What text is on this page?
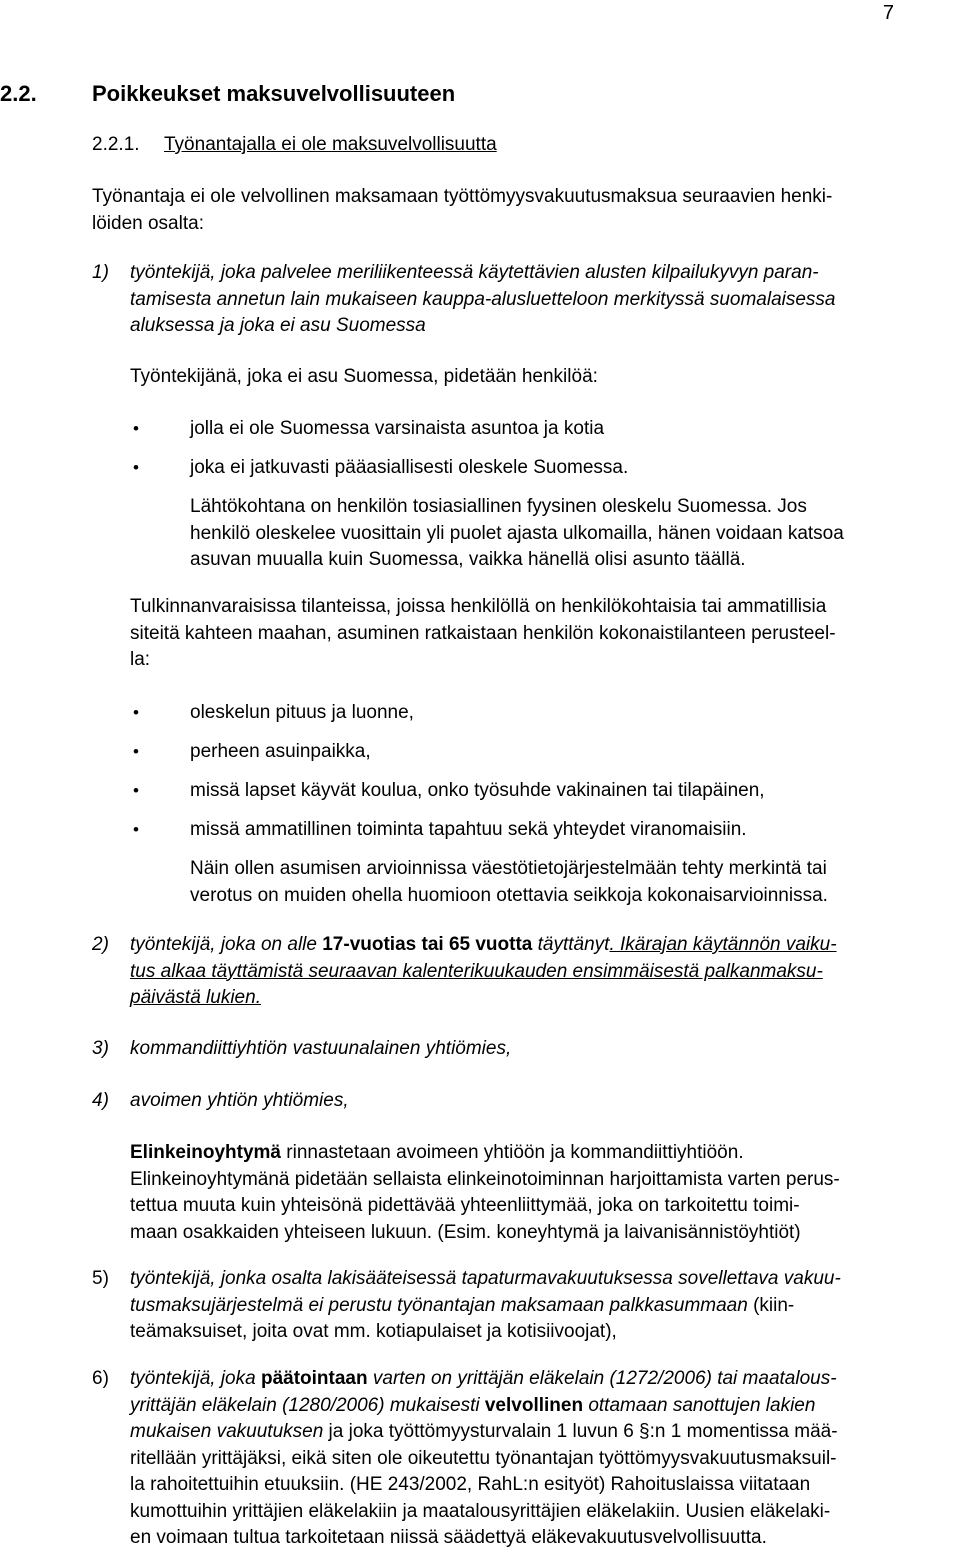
7
2.2.	Poikkeukset maksuvelvollisuuteen
2.2.1. Työnantajalla ei ole maksuvelvollisuutta

Työnantaja ei ole velvollinen maksamaan työttömyysvakuutusmaksua seuraavien henki-

löiden osalta:

1)	työntekijä, joka palvelee meriliikenteessä käytettävien alusten kilpailukyvyn paran-

tamisesta annetun lain mukaiseen kauppa-alusluetteloon merkityssä suomalaisessa

aluksessa ja joka ei asu Suomessa

Työntekijänä, joka ei asu Suomessa, pidetään henkilöä:
•	jolla ei ole Suomessa varsinaista asuntoa ja kotia
•	joka ei jatkuvasti pääasiallisesti oleskele Suomessa.

Lähtökohtana on henkilön tosiasiallinen fyysinen oleskelu Suomessa. Jos

henkilö oleskelee vuosittain yli puolet ajasta ulkomailla, hänen voidaan katsoa

asuvan muualla kuin Suomessa, vaikka hänellä olisi asunto täällä.

Tulkinnanvaraisissa tilanteissa, joissa henkilöllä on henkilökohtaisia tai ammatillisia

siteitä kahteen maahan, asuminen ratkaistaan henkilön kokonaistilanteen perusteel-

la:

•	oleskelun pituus ja luonne,
•	perheen asuinpaikka,
•	missä lapset käyvät koulua, onko työsuhde vakinainen tai tilapäinen,
•	missä ammatillinen toiminta tapahtuu sekä yhteydet viranomaisiin.

Näin ollen asumisen arvioinnissa väestötietojärjestelmään tehty merkintä tai

verotus on muiden ohella huomioon otettavia seikkoja kokonaisarvioinnissa.

2)	työntekijä, joka on alle 17-vuotias tai 65 vuotta täyttänyt. Ikärajan käytännön vaiku-

tus alkaa täyttämistä seuraavan kalenterikuukauden ensimmäisestä palkanmaksu-

päivästä lukien.

3)	kommandiittiyhtiön vastuunalainen yhtiömies,
4)	avoimen yhtiön yhtiömies,

Elinkeinoyhtymä rinnastetaan avoimeen yhtiöön ja kommandiittiyhtiöön.

Elinkeinoyhtymänä pidetään sellaista elinkeinotoiminnan harjoittamista varten perus-

tettua muuta kuin yhteisönä pidettävää yhteenliittymää, joka on tarkoitettu toimi-

maan osakkaiden yhteiseen lukuun. (Esim. koneyhtymä ja laivanisännistöyhtiöt)

5)	työntekijä, jonka osalta lakisääteisessä tapaturmavakuutuksessa sovellettava vakuu-

tusmaksujärjestelmä ei perustu työnantajan maksamaan palkkasummaan (kiin-

teämaksuiset, joita ovat mm. kotiapulaiset ja kotisiivoojat),

6)	työntekijä, joka päätointaan varten on yrittäjän eläkelain (1272/2006) tai maatalous-

yrittäjän eläkelain (1280/2006) mukaisesti velvollinen ottamaan sanottujen lakien

mukaisen vakuutuksen ja joka työttömyysturvalain 1 luvun 6 §:n 1 momentissa mää-

ritellään yrittäjäksi, eikä siten ole oikeutettu työnantajan työttömyysvakuutusmaksuil-

la rahoitettuihin etuuksiin. (HE 243/2002, RahL:n esityöt) Rahoituslaissa viitataan

kumottuihin yrittäjien eläkelakiin ja maatalousyrittäjien eläkelakiin. Uusien eläkelaki-

en voimaan tultua tarkoitetaan niissä säädettyä eläkevakuutusvelvollisuutta.
